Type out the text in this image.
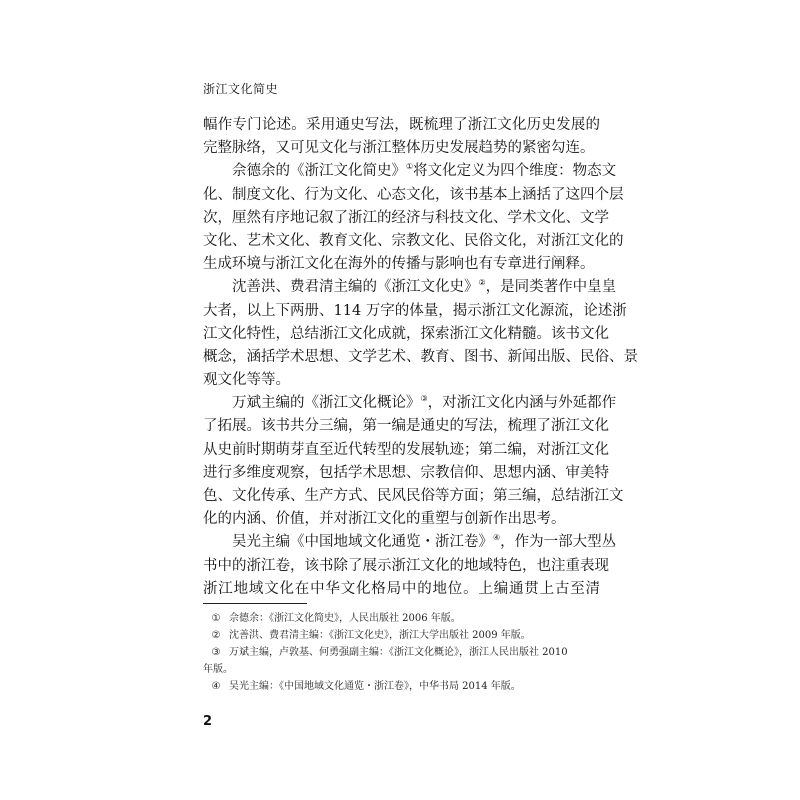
浙江文化简史
幅作专门论述。采用通史写法，既梳理了浙江文化历史发展的
完整脉络，又可见文化与浙江整体历史发展趋势的紧密勾连。
佘德余的《浙江文化简史》①将文化定义为四个维度：物态文
化、制度文化、行为文化、心态文化，该书基本上涵括了这四个层
次，厘然有序地记叙了浙江的经济与科技文化、学术文化、文学
文化、艺术文化、教育文化、宗教文化、民俗文化，对浙江文化的
生成环境与浙江文化在海外的传播与影响也有专章进行阐释。
沈善洪、费君清主编的《浙江文化史》②，是同类著作中皇皇
大者，以上下两册、114 万字的体量，揭示浙江文化源流，论述浙
江文化特性，总结浙江文化成就，探索浙江文化精髓。该书文化
概念，涵括学术思想、文学艺术、教育、图书、新闻出版、民俗、景
观文化等等。
万斌主编的《浙江文化概论》③，对浙江文化内涵与外延都作
了拓展。该书共分三编，第一编是通史的写法，梳理了浙江文化
从史前时期萌芽直至近代转型的发展轨迹；第二编，对浙江文化
进行多维度观察，包括学术思想、宗教信仰、思想内涵、审美特
色、文化传承、生产方式、民风民俗等方面；第三编，总结浙江文
化的内涵、价值，并对浙江文化的重塑与创新作出思考。
吴光主编《中国地域文化通览・浙江卷》④，作为一部大型丛
书中的浙江卷，该书除了展示浙江文化的地域特色，也注重表现
浙江地域文化在中华文化格局中的地位。上编通贯上古至清
① 佘德余：《浙江文化简史》，人民出版社 2006 年版。
② 沈善洪、费君清主编：《浙江文化史》，浙江大学出版社 2009 年版。
③ 万斌主编，卢敦基、何勇强副主编：《浙江文化概论》，浙江人民出版社 2010
年版。
④ 吴光主编：《中国地域文化通览・浙江卷》，中华书局 2014 年版。
2
